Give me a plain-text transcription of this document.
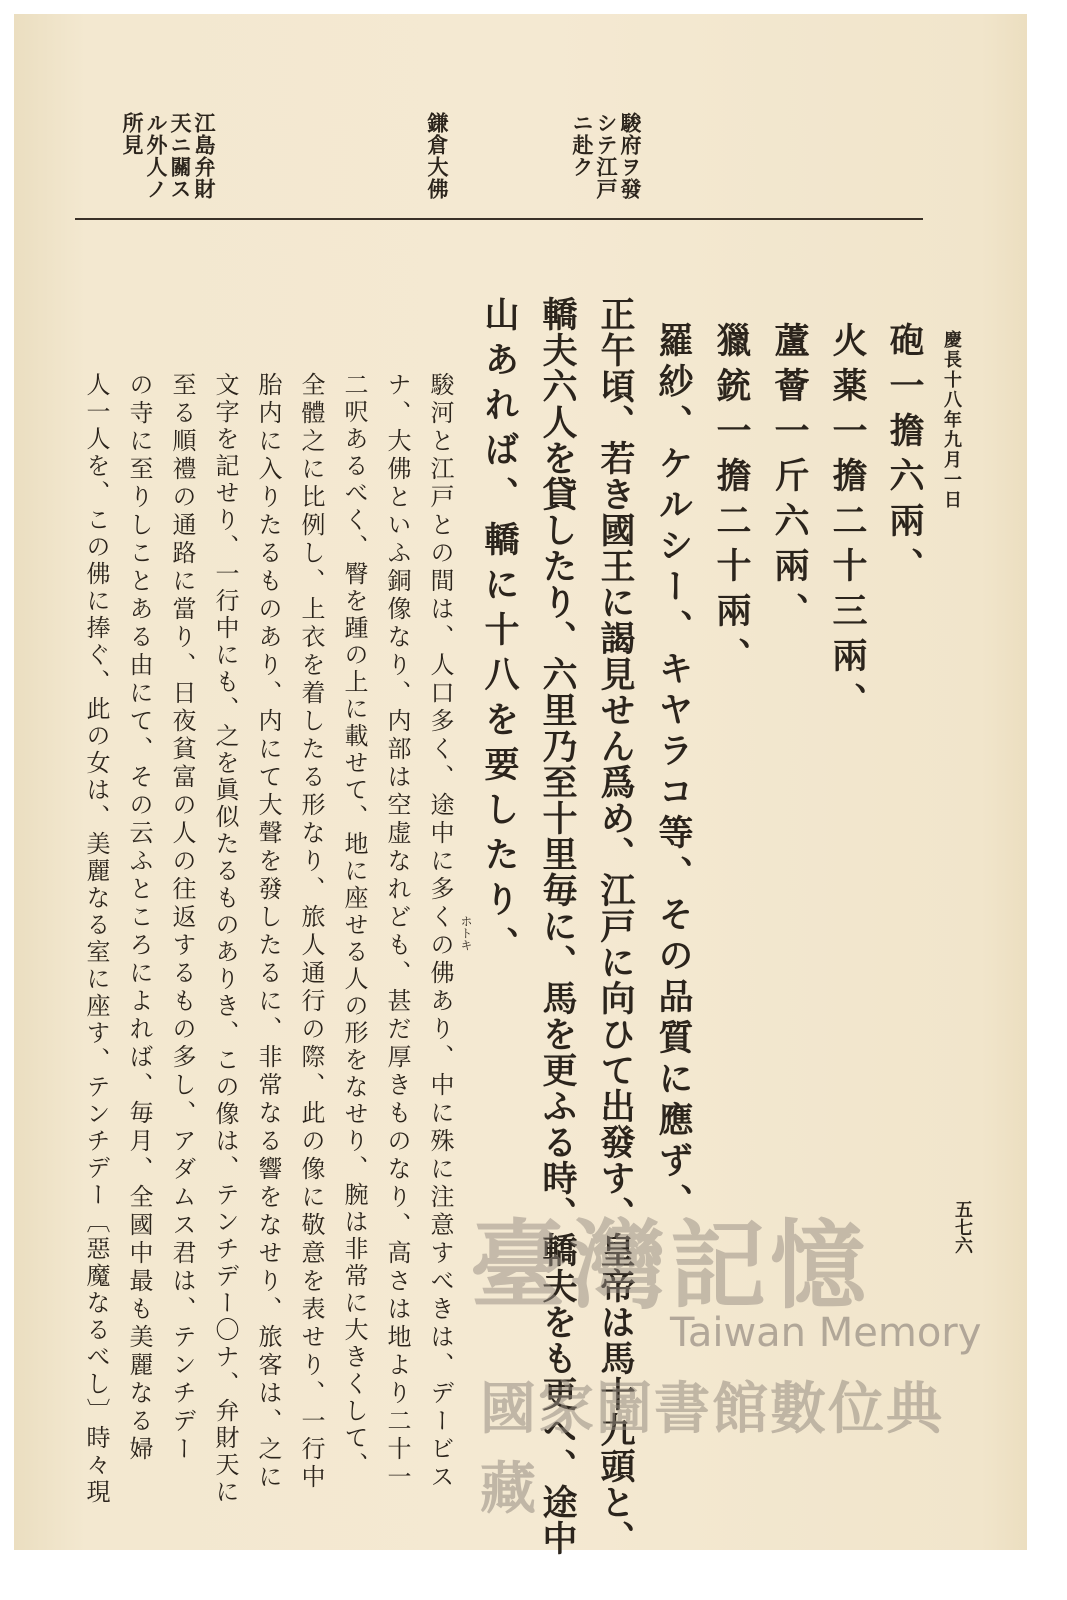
駿府ヲ發
シテ江戸
ニ赴ク
鎌倉大佛
江島弁財
天ニ關ス
ル外人ノ
所見
慶長十八年九月一日
五七六
砲一擔六兩、
火薬一擔二十三兩、
蘆薈一斤六兩、
獵銃一擔二十兩、
羅紗、ケルシー、キヤラコ等、その品質に應ず、
正午頃、若き國王に謁見せん爲め、江戸に向ひて出發す、皇帝は馬十九頭と、
轎夫六人を貸したり、六里乃至十里毎に、馬を更ふる時、轎夫をも更へ、途中
山あれば、轎に十八を要したり、
駿河と江戸との間は、人口多く、途中に多くの佛あり、中に殊に注意すべきは、デービス ホトキ
ナ、大佛といふ銅像なり、内部は空虚なれども、甚だ厚きものなり、高さは地より二十一
二呎あるべく、臀を踵の上に載せて、地に座せる人の形をなせり、腕は非常に大きくして、
全體之に比例し、上衣を着したる形なり、旅人通行の際、此の像に敬意を表せり、一行中
胎内に入りたるものあり、内にて大聲を發したるに、非常なる響をなせり、旅客は、之に
文字を記せり、一行中にも、之を眞似たるものありき、この像は、テンチデー〇ナ、弁財天に
至る順禮の通路に當り、日夜貧富の人の往返するもの多し、アダムス君は、テンチデー
の寺に至りしことある由にて、その云ふところによれば、毎月、全國中最も美麗なる婦
人一人を、この佛に捧ぐ、此の女は、美麗なる室に座す、テンチデー〔惡魔なるべし〕時々現	臺灣記憶
Taiwan Memory
國家圖書館數位典藏
